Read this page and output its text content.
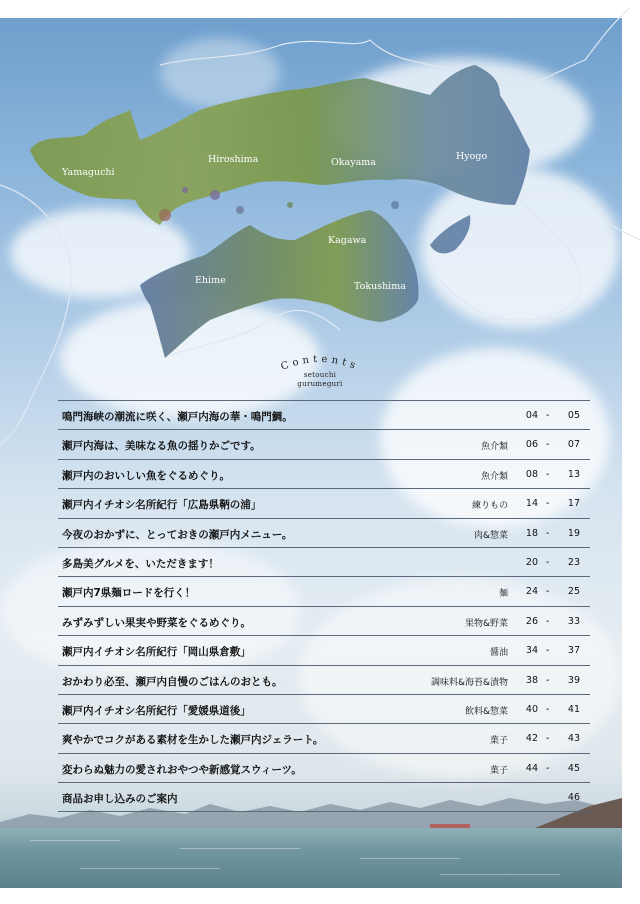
Yamaguchi
Hiroshima	Okayama
Hyogo
Kagawa
Ehime
Tokushima
Contents
setouchi
gurumeguri
鳴門海峡の潮流に咲く、瀬戸内海の華・鳴門鯛。	04 -	05
瀬戸内海は、美味なる魚の揺りかごです。	魚介類	06 -	07
瀬戸内のおいしい魚をぐるめぐり。	魚介類	08 -	13
瀬戸内イチオシ名所紀行「広島県鞆の浦」	練りもの	14 -	17
今夜のおかずに、とっておきの瀬戸内メニュー。	肉&惣菜	18 -	19
多島美グルメを、いただきます！	20 -	23
瀬戸内7県麺ロードを行く！	麺	24 -	25
みずみずしい果実や野菜をぐるめぐり。	果物&野菜	26 -	33
瀬戸内イチオシ名所紀行「岡山県倉敷」	醤油	34 -	37
おかわり必至、瀬戸内自慢のごはんのおとも。	調味料&海苔&漬物	38 -	39
瀬戸内イチオシ名所紀行「愛媛県道後」	飲料&惣菜	40 -	41
爽やかでコクがある素材を生かした瀬戸内ジェラート。	菓子	42 -	43
変わらぬ魅力の愛されおやつや新感覚スウィーツ。	菓子	44 -	45
商品お申し込みのご案内	46
